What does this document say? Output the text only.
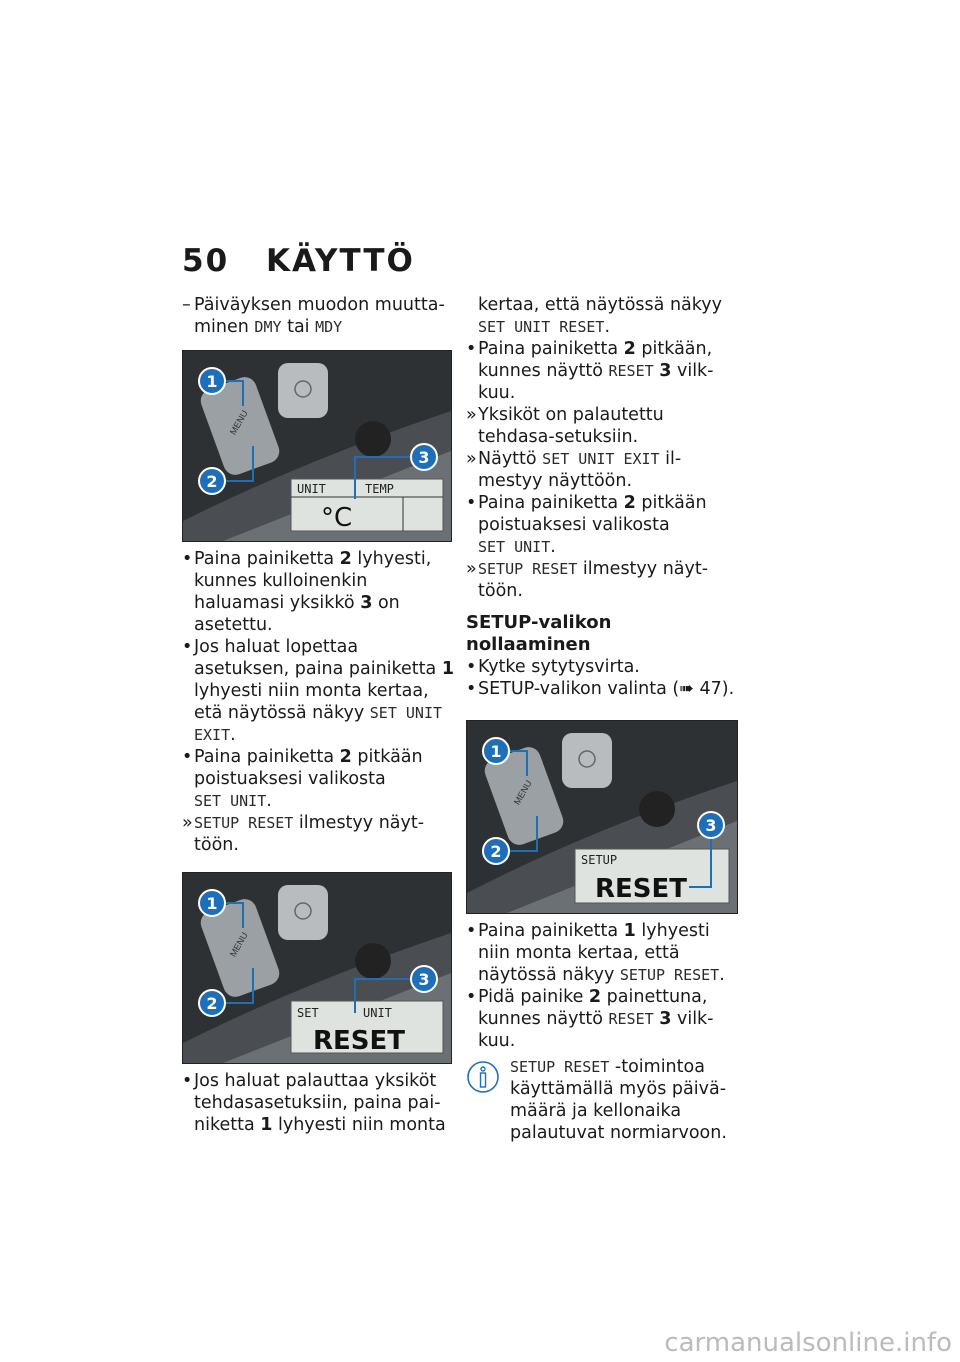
50 KÄYTTÖ
– Päiväyksen muodon muutta-
minen DMY tai MDY
MENU
UNIT	TEMP
°C
1
2
3
• Paina painiketta 2 lyhyesti, kunnes kulloinenkin haluamasi yksikkö 3 on asetettu.
• Jos haluat lopettaa asetuksen, paina painiketta 1 lyhyesti niin monta kertaa, etä näytössä näkyy SET UNIT EXIT.
• Paina painiketta 2 pitkään poistuaksesi valikosta
SET UNIT.
» SETUP RESET ilmestyy näyt-töön.
MENU
SET	UNIT
RESET
1
2
3
• Jos haluat palauttaa yksiköt tehdasasetuksiin, paina pai-niketta 1 lyhyesti niin monta
kertaa, että näytössä näkyy
SET UNIT RESET.
• Paina painiketta 2 pitkään, kunnes näyttö RESET 3 vilk-kuu.
» Yksiköt on palautettu tehdasa-setuksiin.
» Näyttö SET UNIT EXIT il-mestyy näyttöön.
• Paina painiketta 2 pitkään poistuaksesi valikosta
SET UNIT.
» SETUP RESET ilmestyy näyt-töön.
SETUP-valikon nollaaminen
• Kytke sytytysvirta.
• SETUP-valikon valinta (➠ 47).
MENU
SETUP
RESET
1
2
3
• Paina painiketta 1 lyhyesti niin monta kertaa, että näytössä näkyy SETUP RESET.
• Pidä painike 2 painettuna, kunnes näyttö RESET 3 vilk-kuu.
SETUP RESET -toimintoa käyttämällä myös päivä-määrä ja kellonaika palautuvat normiarvoon.
carmanualsonline.info
